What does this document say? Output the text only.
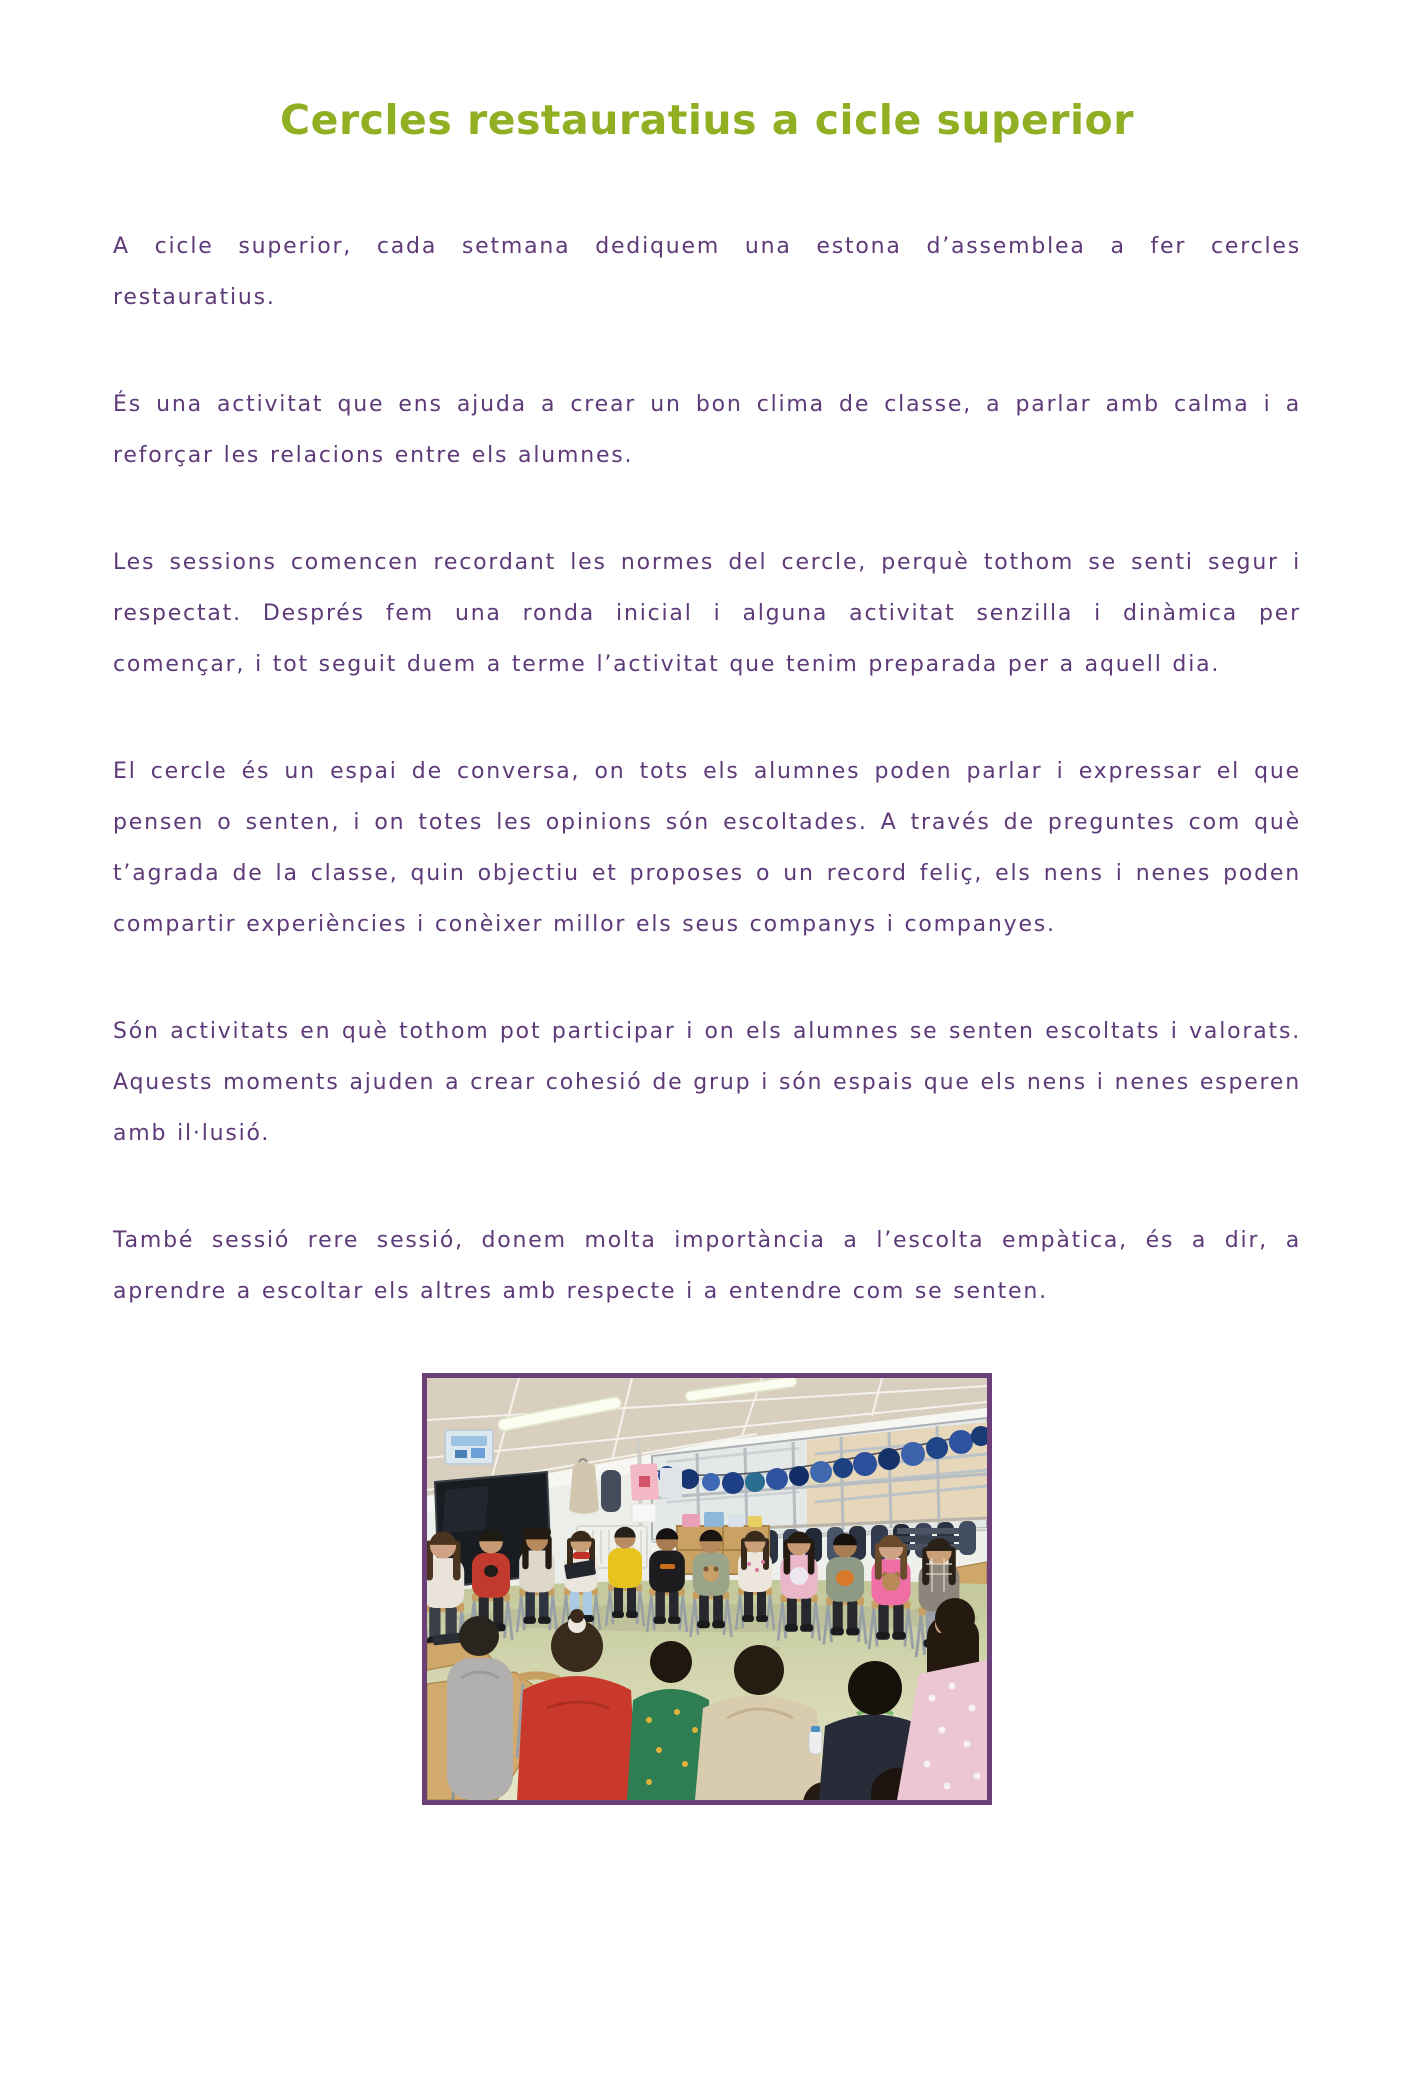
Cercles restauratius a cicle superior

A cicle superior, cada setmana dediquem una estona d’assemblea a fer cercles restauratius.

És una activitat que ens ajuda a crear un bon clima de classe, a parlar amb calma i a reforçar les relacions entre els alumnes.

Les sessions comencen recordant les normes del cercle, perquè tothom se senti segur i respectat. Després fem una ronda inicial i alguna activitat senzilla i dinàmica per començar, i tot seguit duem a terme l’activitat que tenim preparada per a aquell dia.

El cercle és un espai de conversa, on tots els alumnes poden parlar i expressar el que pensen o senten, i on totes les opinions són escoltades. A través de preguntes com què t’agrada de la classe, quin objectiu et proposes o un record feliç, els nens i nenes poden compartir experiències i conèixer millor els seus companys i companyes.

Són activitats en què tothom pot participar i on els alumnes se senten escoltats i valorats. Aquests moments ajuden a crear cohesió de grup i són espais que els nens i nenes esperen amb il·lusió.

També sessió rere sessió, donem molta importància a l’escolta empàtica, és a dir, a aprendre a escoltar els altres amb respecte i a entendre com se senten.
